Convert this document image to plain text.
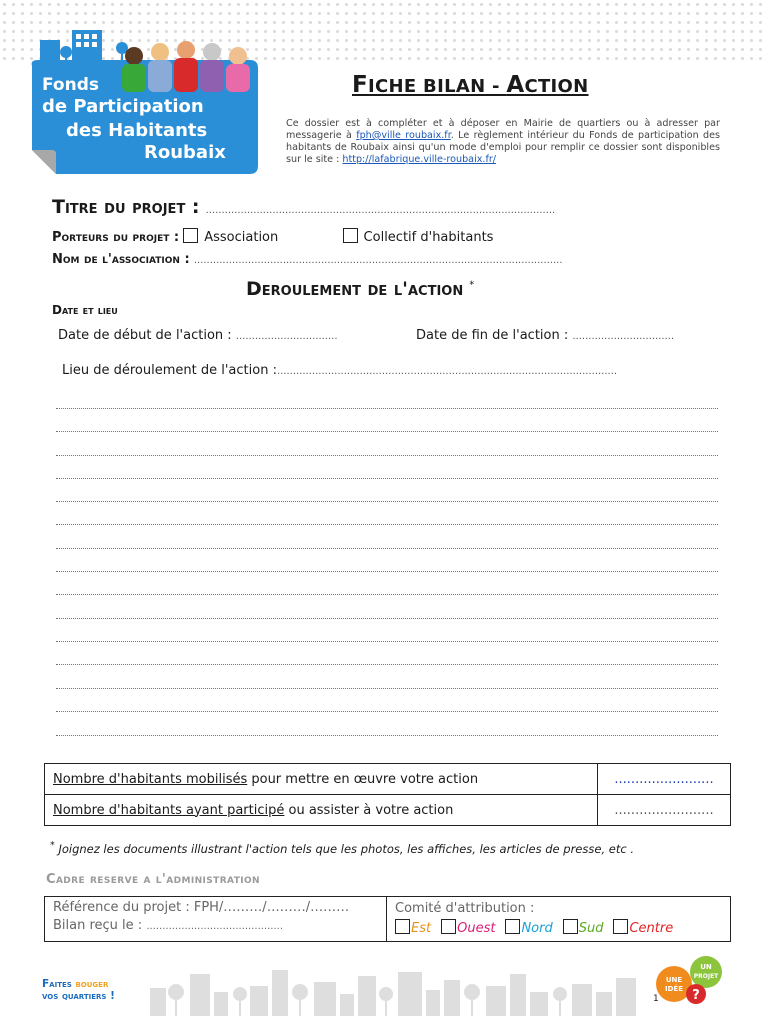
Fonds
de Participation
des Habitants
Roubaix
FICHE BILAN - ACTION
Ce dossier est à compléter et à déposer en Mairie de quartiers ou à adresser par messagerie à fph@ville roubaix.fr. Le règlement intérieur du Fonds de participation des habitants de Roubaix ainsi qu'un mode d'emploi pour remplir ce dossier sont disponibles sur le site : http://lafabrique.ville-roubaix.fr/
Titre du projet : ..............................................................................................................
Porteurs du projet : Association	Collectif d'habitants
Nom de l'association : ....................................................................................................................
Deroulement de l'action *
Date et lieu
Date de début de l'action : ................................	Date de fin de l'action : ................................
Lieu de déroulement de l'action :...........................................................................................................
Nombre d'habitants mobilisés pour mettre en œuvre votre action	........................
Nombre d'habitants ayant participé ou assister à votre action	........................
* Joignez les documents illustrant l'action tels que les photos, les affiches, les articles de presse, etc .
Cadre reserve a l'administration
Référence du projet : FPH/………/………/………
Bilan reçu le : ...........................................

Comité d'attribution :
Est Ouest Nord Sud Centre
Faites bouger
vos quartiers !
UNE
IDÉE
UN
PROJET
?
1
